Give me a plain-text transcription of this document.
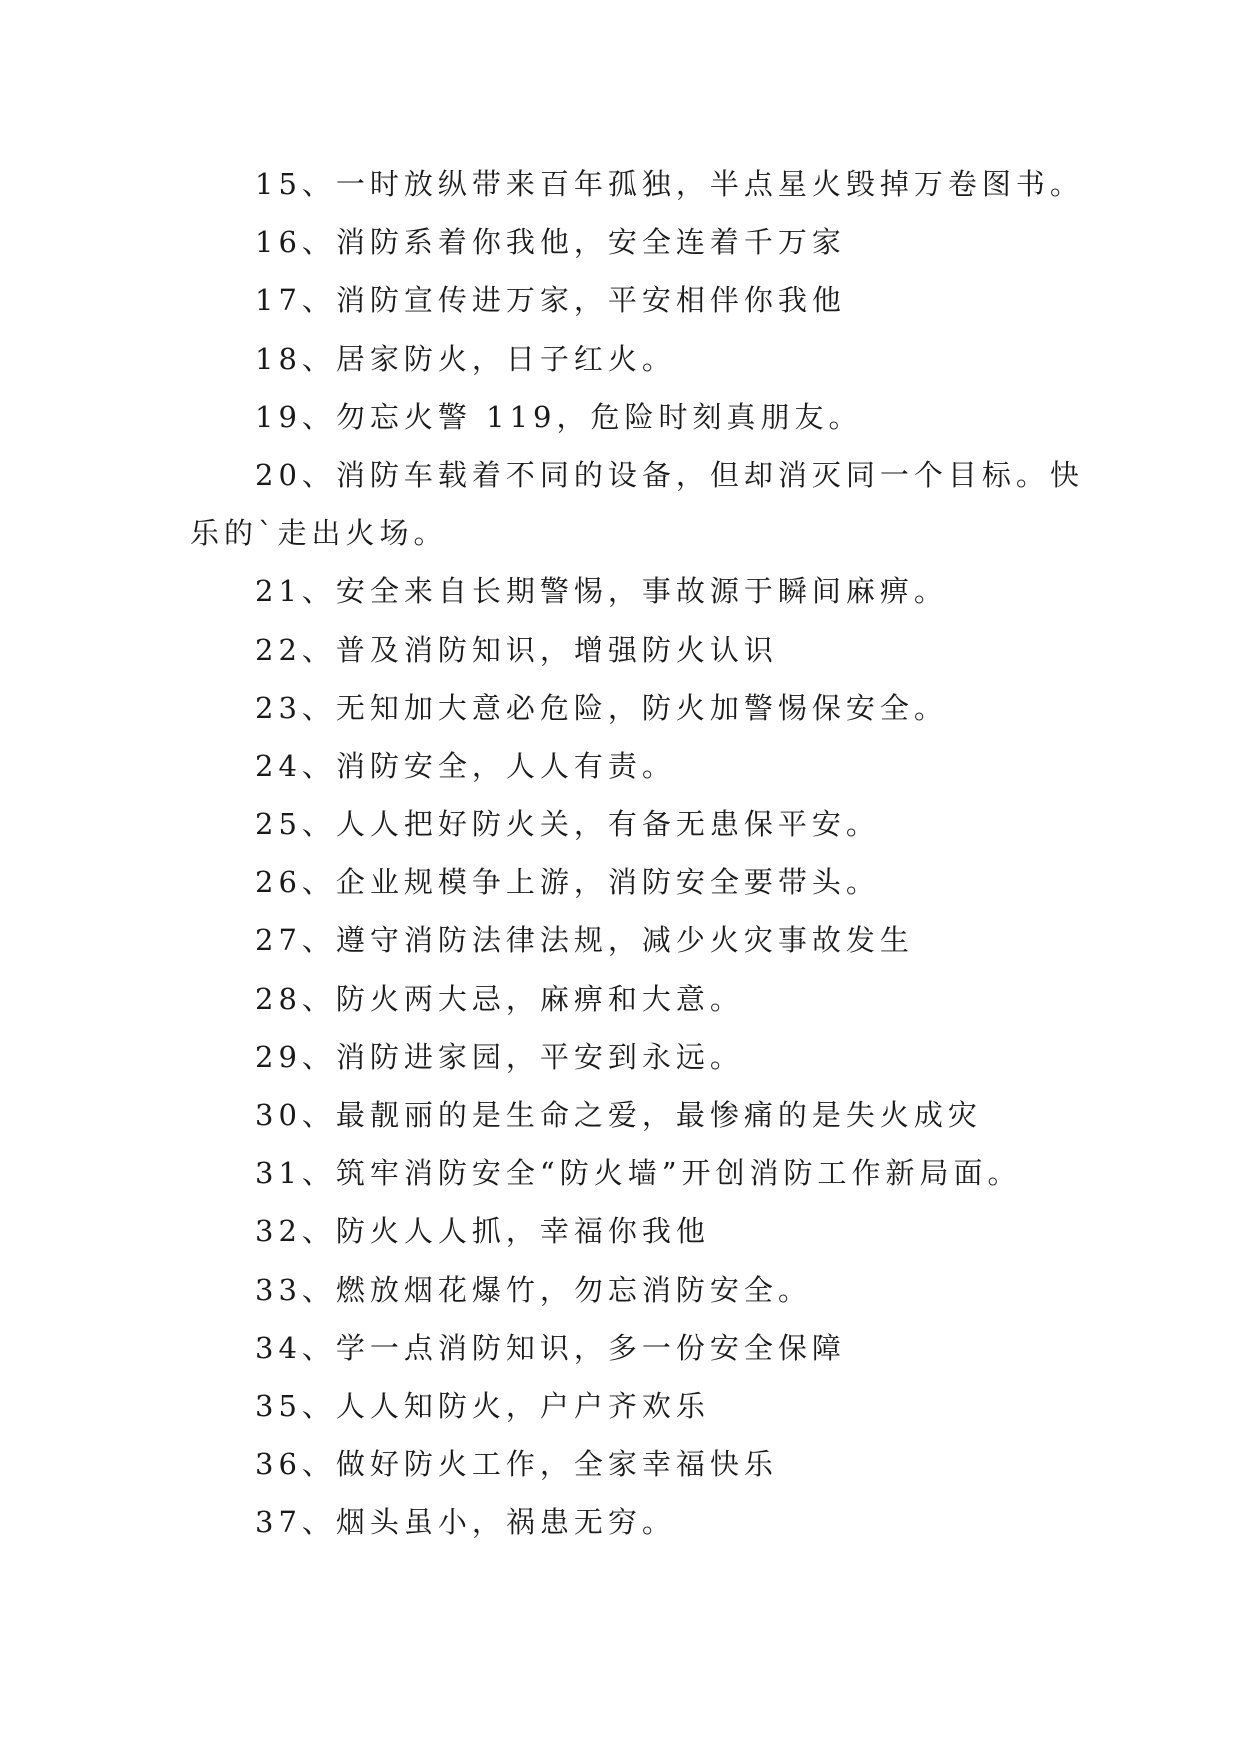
15、一时放纵带来百年孤独，半点星火毁掉万卷图书。
16、消防系着你我他，安全连着千万家
17、消防宣传进万家，平安相伴你我他
18、居家防火，日子红火。
19、勿忘火警 119，危险时刻真朋友。
20、消防车载着不同的设备，但却消灭同一个目标。快
乐的`走出火场。
21、安全来自长期警惕，事故源于瞬间麻痹。
22、普及消防知识，增强防火认识
23、无知加大意必危险，防火加警惕保安全。
24、消防安全，人人有责。
25、人人把好防火关，有备无患保平安。
26、企业规模争上游，消防安全要带头。
27、遵守消防法律法规，减少火灾事故发生
28、防火两大忌，麻痹和大意。
29、消防进家园，平安到永远。
30、最靓丽的是生命之爱，最惨痛的是失火成灾
31、筑牢消防安全“防火墙”开创消防工作新局面。
32、防火人人抓，幸福你我他
33、燃放烟花爆竹，勿忘消防安全。
34、学一点消防知识，多一份安全保障
35、人人知防火，户户齐欢乐
36、做好防火工作，全家幸福快乐
37、烟头虽小，祸患无穷。
